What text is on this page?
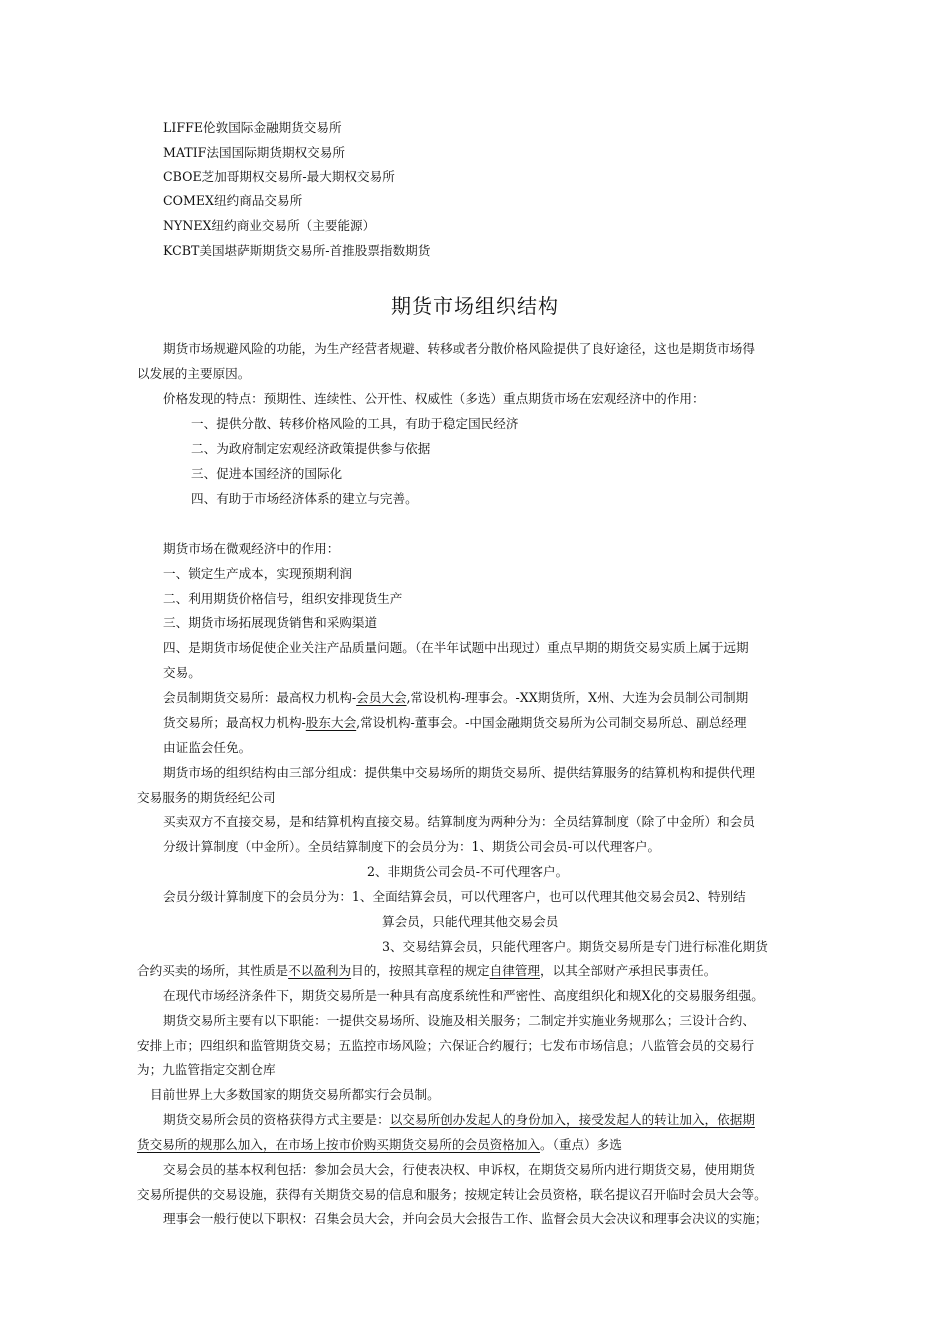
LIFFE伦敦国际金融期货交易所
MATIF法国国际期货期权交易所
CBOE芝加哥期权交易所-最大期权交易所
COMEX纽约商品交易所
NYNEX纽约商业交易所（主要能源）
KCBT美国堪萨斯期货交易所-首推股票指数期货
期货市场组织结构
期货市场规避风险的功能，为生产经营者规避、转移或者分散价格风险提供了良好途径，这也是期货市场得
以发展的主要原因。
价格发现的特点：预期性、连续性、公开性、权威性（多选）重点期货市场在宏观经济中的作用：
一、提供分散、转移价格风险的工具，有助于稳定国民经济
二、为政府制定宏观经济政策提供参与依据
三、促进本国经济的国际化
四、有助于市场经济体系的建立与完善。
期货市场在微观经济中的作用：
一、锁定生产成本，实现预期利润
二、利用期货价格信号，组织安排现货生产
三、期货市场拓展现货销售和采购渠道
四、是期货市场促使企业关注产品质量问题。（在半年试题中出现过）重点早期的期货交易实质上属于远期
交易。
会员制期货交易所：最高权力机构-会员大会,常设机构-理事会。-XX期货所，X州、大连为会员制公司制期
货交易所；最高权力机构-股东大会,常设机构-董事会。-中国金融期货交易所为公司制交易所总、副总经理
由证监会任免。
期货市场的组织结构由三部分组成：提供集中交易场所的期货交易所、提供结算服务的结算机构和提供代理
交易服务的期货经纪公司
买卖双方不直接交易，是和结算机构直接交易。结算制度为两种分为：全员结算制度（除了中金所）和会员
分级计算制度（中金所）。全员结算制度下的会员分为：1、期货公司会员-可以代理客户。
2、非期货公司会员-不可代理客户。
会员分级计算制度下的会员分为：1、全面结算会员，可以代理客户，也可以代理其他交易会员2、特别结
算会员，只能代理其他交易会员
3、交易结算会员，只能代理客户。期货交易所是专门进行标准化期货
合约买卖的场所，其性质是不以盈利为目的，按照其章程的规定自律管理，以其全部财产承担民事责任。
在现代市场经济条件下，期货交易所是一种具有高度系统性和严密性、高度组织化和规X化的交易服务组强。
期货交易所主要有以下职能：一提供交易场所、设施及相关服务；二制定并实施业务规那么；三设计合约、
安排上市；四组织和监管期货交易；五监控市场风险；六保证合约履行；七发布市场信息；八监管会员的交易行
为；九监管指定交割仓库
目前世界上大多数国家的期货交易所都实行会员制。
期货交易所会员的资格获得方式主要是：以交易所创办发起人的身份加入，接受发起人的转让加入，依据期
货交易所的规那么加入，在市场上按市价购买期货交易所的会员资格加入。（重点）多选
交易会员的基本权利包括：参加会员大会，行使表决权、申诉权，在期货交易所内进行期货交易，使用期货
交易所提供的交易设施，获得有关期货交易的信息和服务；按规定转让会员资格，联名提议召开临时会员大会等。
理事会一般行使以下职权：召集会员大会，并向会员大会报告工作、监督会员大会决议和理事会决议的实施；
